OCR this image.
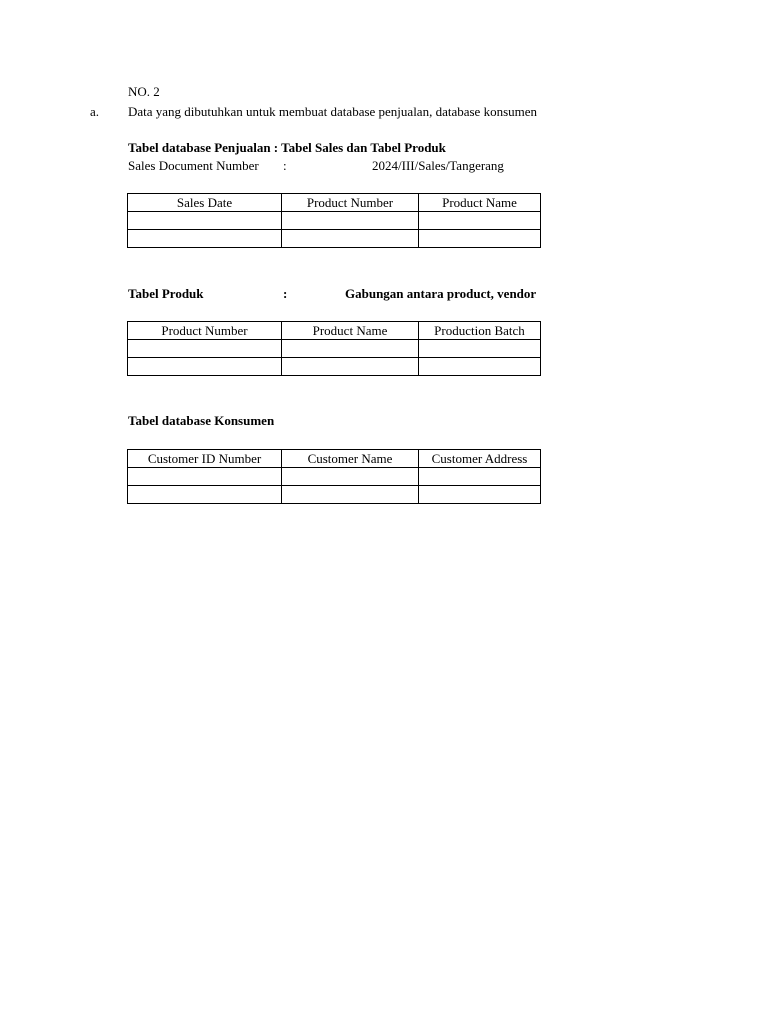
NO. 2
a. Data yang dibutuhkan untuk membuat database penjualan, database konsumen
Tabel database Penjualan : Tabel Sales dan Tabel Produk
Sales Document Number :	2024/III/Sales/Tangerang
Sales Date	Product Number	Product Name

Tabel Produk	:	Gabungan antara product, vendor
Product Number	Product Name	Production Batch

Tabel database Konsumen
Customer ID Number	Customer Name	Customer Address
